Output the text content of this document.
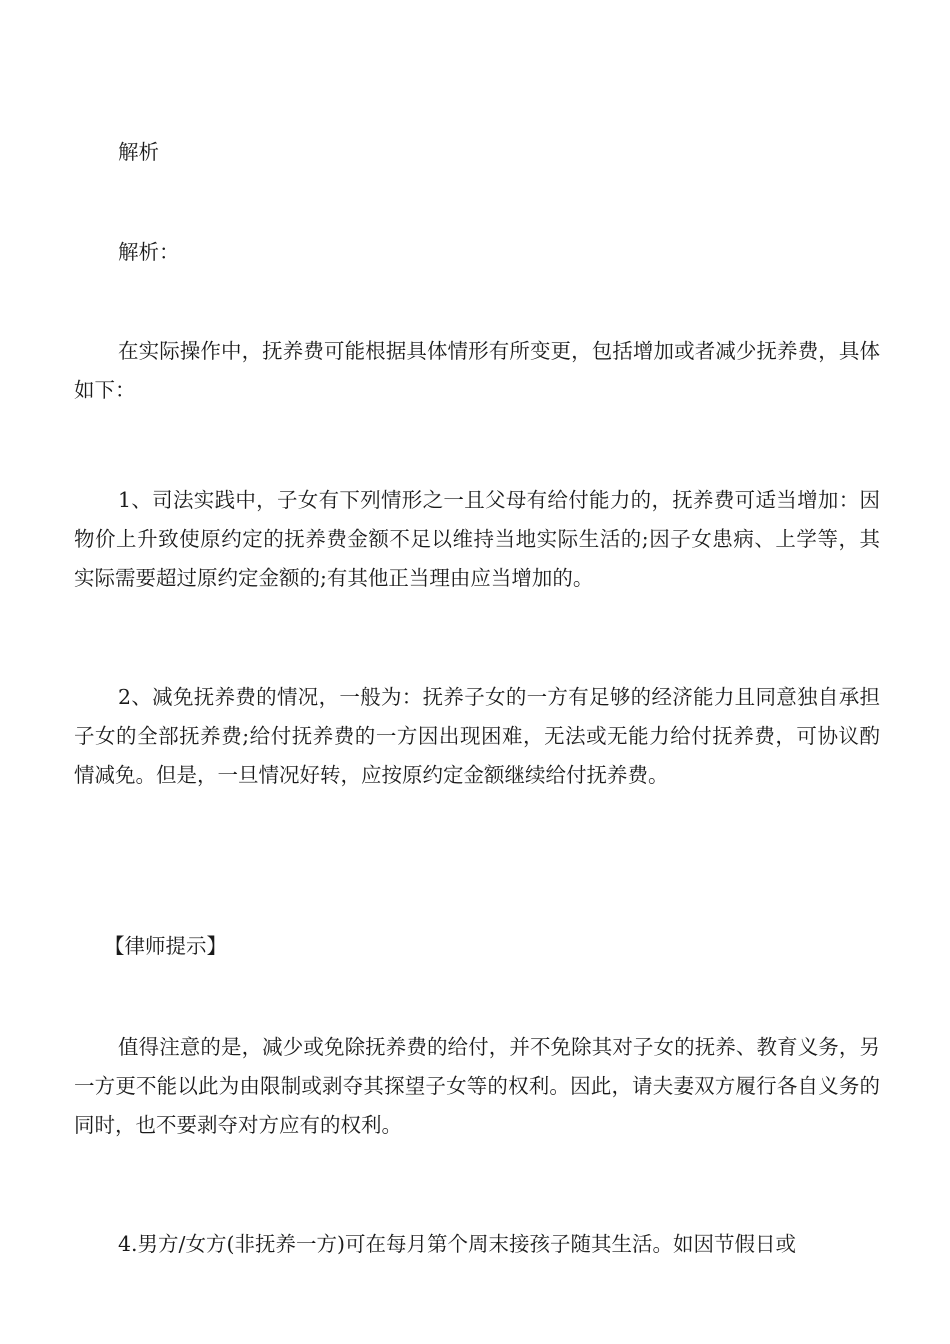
解析

解析：

在实际操作中，抚养费可能根据具体情形有所变更，包括增加或者减少抚养费，具体如下：

1、司法实践中，子女有下列情形之一且父母有给付能力的，抚养费可适当增加：因物价上升致使原约定的抚养费金额不足以维持当地实际生活的;因子女患病、上学等，其实际需要超过原约定金额的;有其他正当理由应当增加的。

2、减免抚养费的情况，一般为：抚养子女的一方有足够的经济能力且同意独自承担子女的全部抚养费;给付抚养费的一方因出现困难，无法或无能力给付抚养费，可协议酌情减免。但是，一旦情况好转，应按原约定金额继续给付抚养费。

【律师提示】

值得注意的是，减少或免除抚养费的给付，并不免除其对子女的抚养、教育义务，另一方更不能以此为由限制或剥夺其探望子女等的权利。因此，请夫妻双方履行各自义务的同时，也不要剥夺对方应有的权利。

4.男方/女方(非抚养一方)可在每月第个周末接孩子随其生活。如因节假日或
